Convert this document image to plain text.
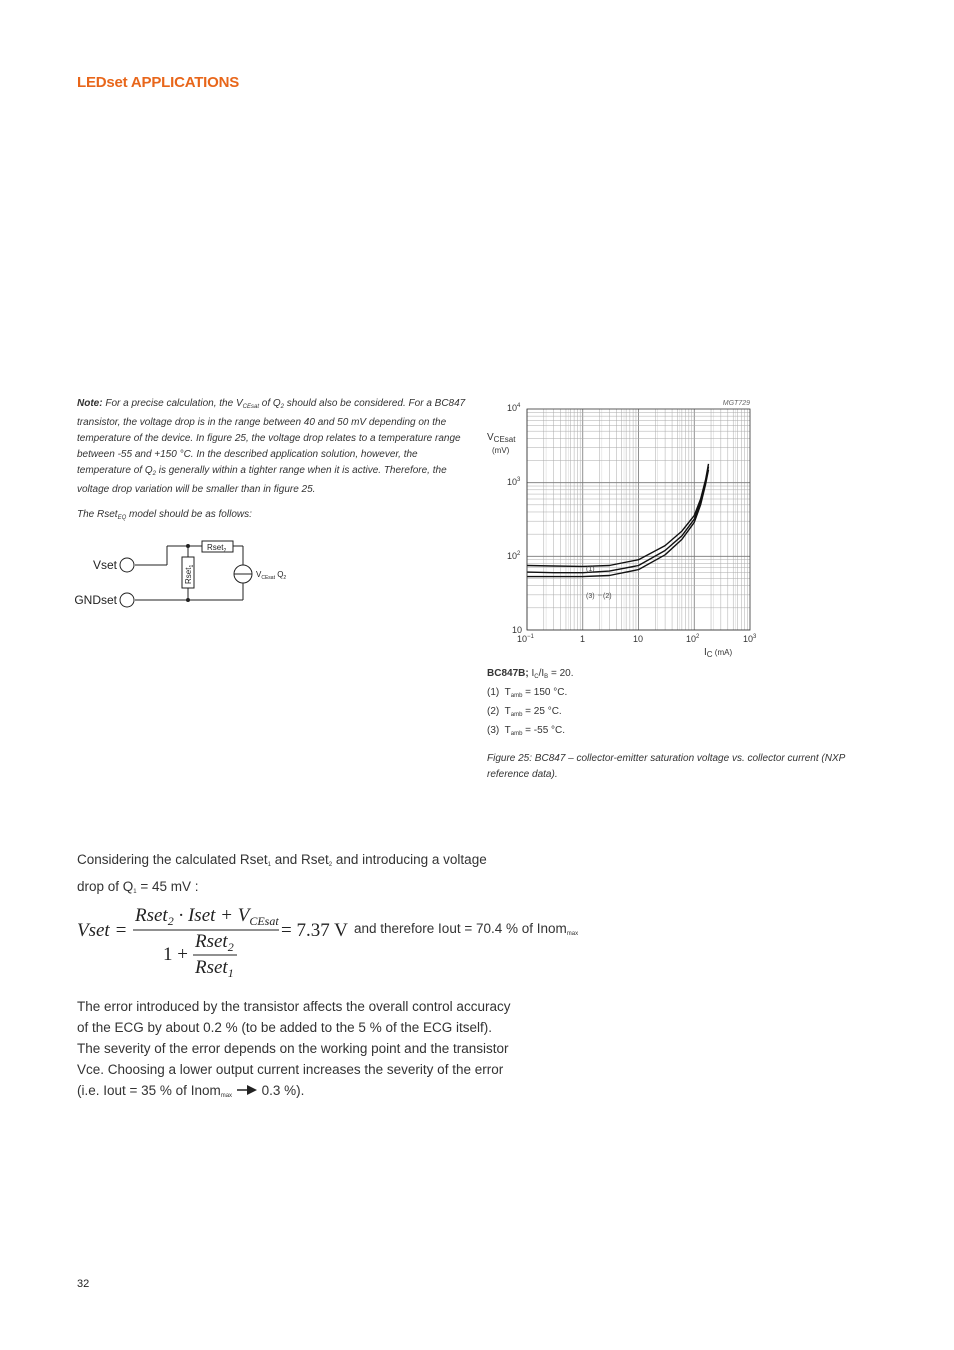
LEDset APPLICATIONS
Note: For a precise calculation, the $V_{CEsat}$ of $Q_2$ should also be considered. For a BC847 transistor, the voltage drop is in the range between 40 and 50 mV depending on the temperature of the device. In figure 25, the voltage drop relates to a temperature range between -55 and +150 °C. In the described application solution, however, the temperature of $Q_2$ is generally within a tighter range when it is active. Therefore, the voltage drop variation will be smaller than in figure 25.
The Rset$_{EQ}$ model should be as follows:
Vset
GNDset
Rset$_2$
Rset$_1$
$V_{CEsat}$ $Q_2$
MGT729
$10^4$
$10^3$
$10^2$
10
$V_{CEsat}$
(mV)
$10^{-1}$	1	10	$10^2$	$10^3$
$I_C$ $^{(mA)}$
(1)
(3) (2)
BC847B; $I_C/I_B = 20$.
(1) $T_{amb} = 150$ °C.
(2) $T_{amb} = 25$ °C.
(3) $T_{amb} = -55$ °C.
Figure 25: BC847 – collector-emitter saturation voltage vs. collector current (NXP reference data).
Considering the calculated Rset$_1$ and Rset$_2$ and introducing a voltage drop of $Q_1 = 45$ mV :
Vset =
Rset$_2$ · Iset + $V_{CEsat}$
1 +
Rset$_2$
Rset$_1$
= 7.37 V and therefore Iout = 70.4 % of Inom$_{max}$
The error introduced by the transistor affects the overall control accuracy of the ECG by about 0.2 % (to be added to the 5 % of the ECG itself). The severity of the error depends on the working point and the transistor Vce. Choosing a lower output current increases the severity of the error (i.e. Iout = 35 % of Inom$_{max}$  0.3 %).
32
